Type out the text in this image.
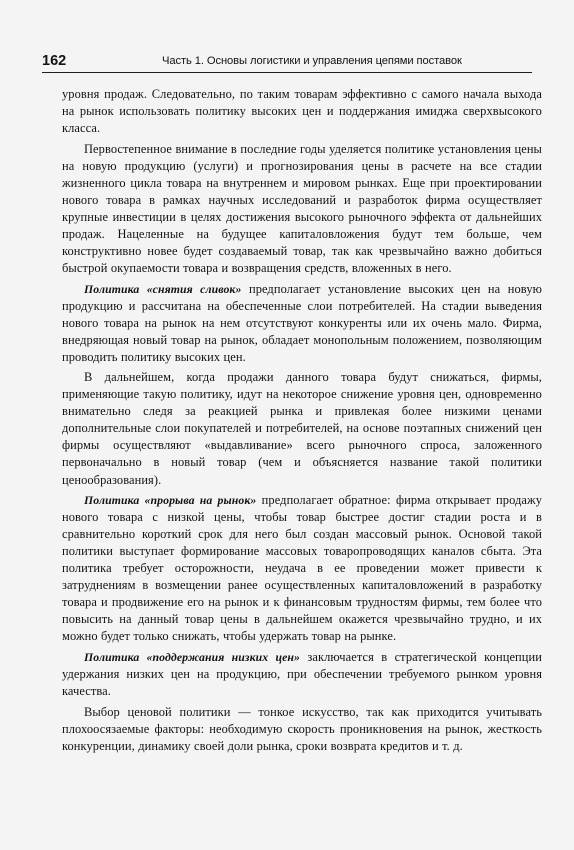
162	Часть 1. Основы логистики и управления цепями поставок

уровня продаж. Следовательно, по таким товарам эффективно с самого начала выхода на рынок использовать политику высоких цен и поддержания имиджа сверхвысокого класса.

Первостепенное внимание в последние годы уделяется политике установления цены на новую продукцию (услуги) и прогнозирования цены в расчете на все стадии жизненного цикла товара на внутреннем и мировом рынках. Еще при проектировании нового товара в рамках научных исследований и разработок фирма осуществляет крупные инвестиции в целях достижения высокого рыночного эффекта от дальнейших продаж. Нацеленные на будущее капиталовложения будут тем больше, чем конструктивно новее будет создаваемый товар, так как чрезвычайно важно добиться быстрой окупаемости товара и возвращения средств, вложенных в него.

Политика «снятия сливок» предполагает установление высоких цен на новую продукцию и рассчитана на обеспеченные слои потребителей. На стадии выведения нового товара на рынок на нем отсутствуют конкуренты или их очень мало. Фирма, внедряющая новый товар на рынок, обладает монопольным положением, позволяющим проводить политику высоких цен.

В дальнейшем, когда продажи данного товара будут снижаться, фирмы, применяющие такую политику, идут на некоторое снижение уровня цен, одновременно внимательно следя за реакцией рынка и привлекая более низкими ценами дополнительные слои покупателей и потребителей, на основе поэтапных снижений цен фирмы осуществляют «выдавливание» всего рыночного спроса, заложенного первоначально в новый товар (чем и объясняется название такой политики ценообразования).

Политика «прорыва на рынок» предполагает обратное: фирма открывает продажу нового товара с низкой цены, чтобы товар быстрее достиг стадии роста и в сравнительно короткий срок для него был создан массовый рынок. Основой такой политики выступает формирование массовых товаропроводящих каналов сбыта. Эта политика требует осторожности, неудача в ее проведении может привести к затруднениям в возмещении ранее осуществленных капиталовложений в разработку товара и продвижение его на рынок и к финансовым трудностям фирмы, тем более что повысить на данный товар цены в дальнейшем окажется чрезвычайно трудно, и их можно будет только снижать, чтобы удержать товар на рынке.

Политика «поддержания низких цен» заключается в стратегической концепции удержания низких цен на продукцию, при обеспечении требуемого рынком уровня качества.

Выбор ценовой политики — тонкое искусство, так как приходится учитывать плохоосязаемые факторы: необходимую скорость проникновения на рынок, жесткость конкуренции, динамику своей доли рынка, сроки возврата кредитов и т. д.
